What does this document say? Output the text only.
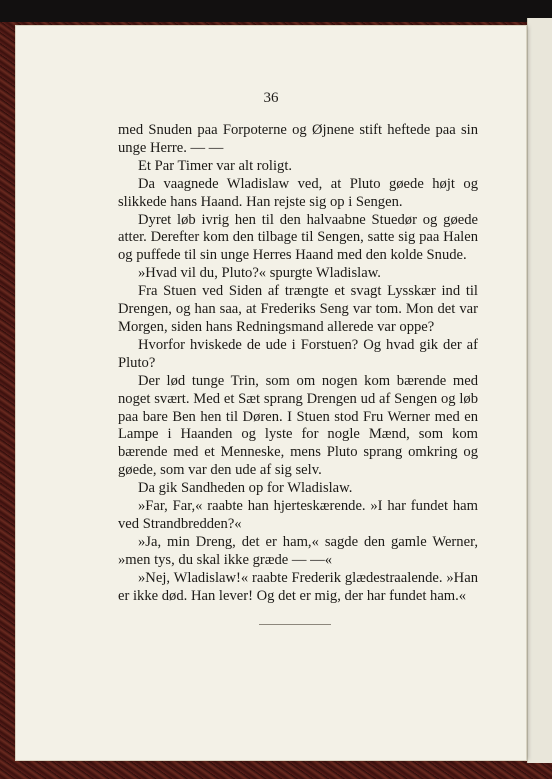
36

med Snuden paa Forpoterne og Øjnene stift heftede paa sin unge Herre. — —

Et Par Timer var alt roligt.

Da vaagnede Wladislaw ved, at Pluto gøede højt og slikkede hans Haand. Han rejste sig op i Sengen.

Dyret løb ivrig hen til den halvaabne Stuedør og gøede atter. Derefter kom den tilbage til Sengen, satte sig paa Halen og puffede til sin unge Herres Haand med den kolde Snude.

»Hvad vil du, Pluto?« spurgte Wladislaw.

Fra Stuen ved Siden af trængte et svagt Lysskær ind til Drengen, og han saa, at Frederiks Seng var tom. Mon det var Morgen, siden hans Redningsmand allerede var oppe?

Hvorfor hviskede de ude i Forstuen? Og hvad gik der af Pluto?

Der lød tunge Trin, som om nogen kom bærende med noget svært. Med et Sæt sprang Drengen ud af Sengen og løb paa bare Ben hen til Døren. I Stuen stod Fru Werner med en Lampe i Haanden og lyste for nogle Mænd, som kom bærende med et Menneske, mens Pluto sprang omkring og gøede, som var den ude af sig selv.

Da gik Sandheden op for Wladislaw.

»Far, Far,« raabte han hjerteskærende. »I har fundet ham ved Strandbredden?«

»Ja, min Dreng, det er ham,« sagde den gamle Werner, »men tys, du skal ikke græde — —«

»Nej, Wladislaw!« raabte Frederik glædestraalende. »Han er ikke død. Han lever! Og det er mig, der har fundet ham.«
